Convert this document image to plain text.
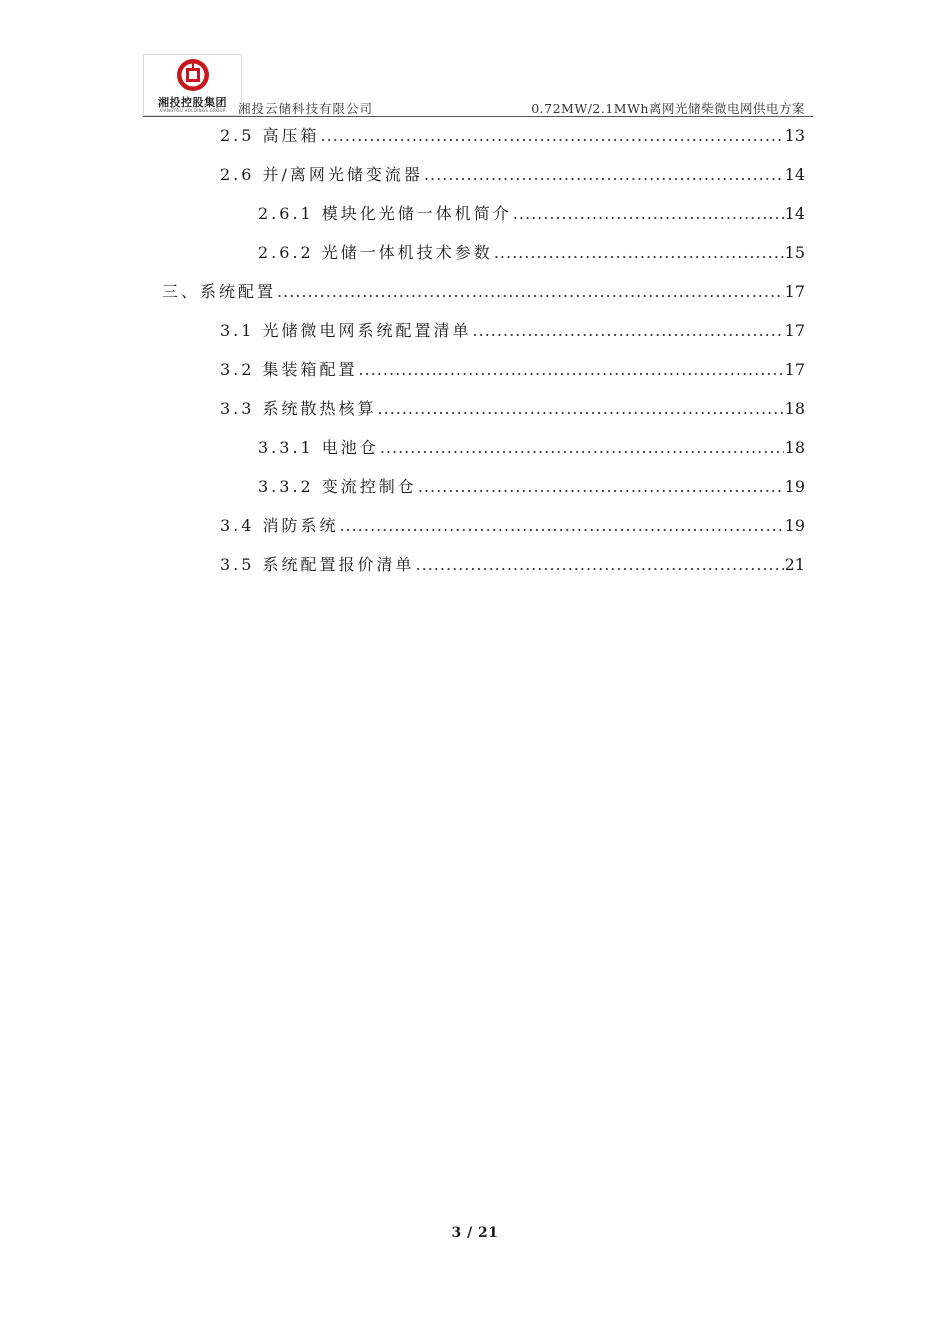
湘投控股集团
XIANGTOU HOLDINGS GROUP 湘投云储科技有限公司	0.72MW/2.1MWh离网光储柴微电网供电方案
2.5 高压箱 .....	13
2.6 并/离网光储变流器 .....	14
2.6.1 模块化光储一体机简介 .....	14
2.6.2 光储一体机技术参数 .....	15
三、系统配置 .....	17
3.1 光储微电网系统配置清单 .....	17
3.2 集装箱配置 .....	17
3.3 系统散热核算 .....	18
3.3.1 电池仓 .....	18
3.3.2 变流控制仓 .....	19
3.4 消防系统 .....	19
3.5 系统配置报价清单 .....	21
3 / 21
